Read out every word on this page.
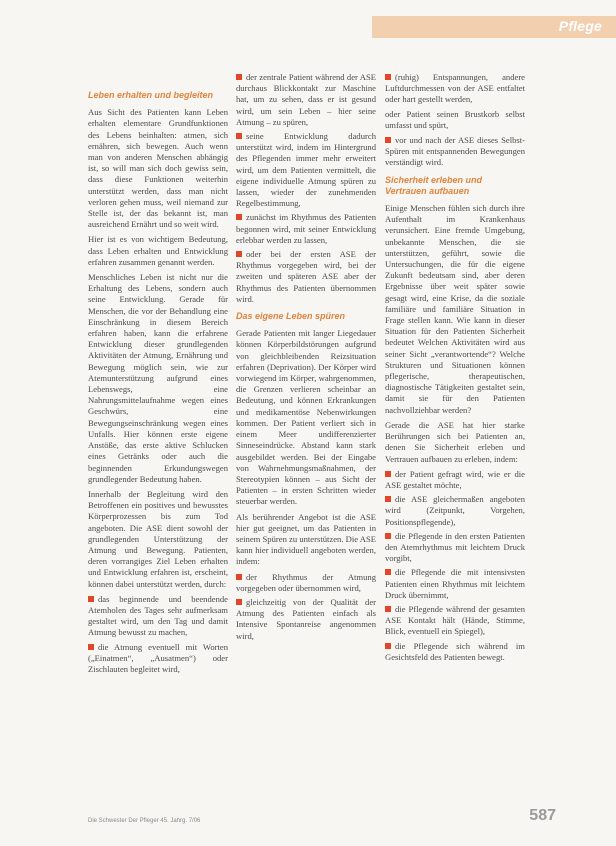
Pflege
Leben erhalten und begleiten

Aus Sicht des Patienten kann Leben erhalten elementare Grundfunktionen des Lebens beinhalten: atmen, sich ernähren, sich bewegen. Auch wenn man von anderen Menschen abhängig ist, so will man sich doch gewiss sein, dass diese Funktionen weiterhin unterstützt werden, dass man nicht verloren gehen muss, weil niemand zur Stelle ist, der das bekannt ist, man ausreichend Ernährt und so weit wird.

Hier ist es von wichtigem Bedeutung, dass Leben erhalten und Entwicklung erfahren zusammen genannt werden.

Menschliches Leben ist nicht nur die Erhaltung des Lebens, sondern auch seine Entwicklung. Gerade für Menschen, die vor der Behandlung eine Einschränkung in diesem Bereich erfahren haben, kann die erfahrene Entwicklung dieser grundlegenden Aktivitäten der Atmung, Ernährung und Bewegung möglich sein, wie zur Atemunterstützung aufgrund eines Lebenswegs, eine Nahrungsmittelaufnahme wegen eines Geschwürs, eine Bewegungseinschränkung wegen eines Unfalls. Hier können erste eigene Anstöße, das erste aktive Schlucken eines Getränks oder auch die beginnenden Erkundungswegen grundlegender Bedeutung haben.

Innerhalb der Begleitung wird den Betroffenen ein positives und bewusstes Körperprozessen bis zum Tod angeboten. Die ASE dient sowohl der grundlegenden Unterstützung der Atmung und Bewegung. Patienten, deren vorrangiges Ziel Leben erhalten und Entwicklung erfahren ist, erscheint, können dabei unterstützt werden, durch:

das beginnende und beendende Atemholen des Tages sehr aufmerksam gestaltet wird, um den Tag und damit Atmung bewusst zu machen,
die Atmung eventuell mit Worten („Einatmen“, „Ausatmen“) oder Zischlauten begleitet wird,
der zentrale Patient während der ASE durchaus Blickkontakt zur Maschine hat, um zu sehen, dass er ist gesund wird, um sein Leben – hier seine Atmung – zu spüren,
seine Entwicklung dadurch unterstützt wird, indem im Hintergrund des Pflegenden immer mehr erweitert wird, um dem Patienten vermittelt, die eigene individuelle Atmung spüren zu lassen, wieder der zunehmenden Regelbestimmung,
zunächst im Rhythmus des Patienten begonnen wird, mit seiner Entwicklung erlebbar werden zu lassen,
oder bei der ersten ASE der Rhythmus vorgegeben wird, bei der zweiten und späteren ASE aber der Rhythmus des Patienten übernommen wird.
Das eigene Leben spüren

Gerade Patienten mit langer Liegedauer können Körperbildstörungen aufgrund von gleichbleibenden Reizsituation erfahren (Deprivation). Der Körper wird vorwiegend im Körper, wahrgenommen, die Grenzen verlieren scheinbar an Bedeutung, und können Erkrankungen und medikamentöse Nebenwirkungen kommen. Der Patient verliert sich in einem Meer undifferenzierter Sinneseindrücke. Abstand kann stark ausgebildet werden. Bei der Eingabe von Wahrnehmungsmaßnahmen, der Stereotypien können – aus Sicht der Patienten – in ersten Schritten wieder steuerbar werden.

Als berührender Angebot ist die ASE hier gut geeignet, um das Patienten in seinem Spüren zu unterstützen. Die ASE kann hier individuell angeboten werden, indem:

der Rhythmus der Atmung vorgegeben oder übernommen wird,
gleichzeitig von der Qualität der Atmung des Patienten einfach als Intensive Spontanreise angenommen wird,
(ruhig) Entspannungen, andere Luftdurchmessen von der ASE entfaltet oder hart gestellt werden,

oder Patient seinen Brustkorb selbst umfasst und spürt,

vor und nach der ASE dieses Selbst-Spüren mit entspannenden Bewegungen verständigt wird.
Sicherheit erleben und Vertrauen aufbauen

Einige Menschen fühlen sich durch ihre Aufenthalt im Krankenhaus verunsichert. Eine fremde Umgebung, unbekannte Menschen, die sie unterstützen, geführt, sowie die Untersuchungen, die für die eigene Zukunft bedeutsam sind, aber deren Ergebnisse über weit später sowie gesagt wird, eine Krise, da die soziale familiäre und familiäre Situation in Frage stellen kann. Wie kann in dieser Situation für den Patienten Sicherheit bedeutet Welchen Aktivitäten wird aus seiner Sicht „verantwortende“? Welche Strukturen und Situationen können pflegerische, therapeutischen, diagnostische Tätigkeiten gestaltet sein, damit sie für den Patienten nachvollziehbar werden?

Gerade die ASE hat hier starke Berührungen sich bei Patienten an, denen Sie Sicherheit erleben und Vertrauen aufbauen zu erleben, indem:

der Patient gefragt wird, wie er die ASE gestaltet möchte,
die ASE gleichermaßen angeboten wird (Zeitpunkt, Vorgehen, Positionspflegende),
die Pflegende in den ersten Patienten den Atemrhythmus mit leichtem Druck vorgibt,
die Pflegende die mit intensivsten Patienten einen Rhythmus mit leichtem Druck übernimmt,
die Pflegende während der gesamten ASE Kontakt hält (Hände, Stimme, Blick, eventuell ein Spiegel),
die Pflegende sich während im Gesichtsfeld des Patienten bewegt.
Die Schwester Der Pfleger 45. Jahrg. 7/06	587
